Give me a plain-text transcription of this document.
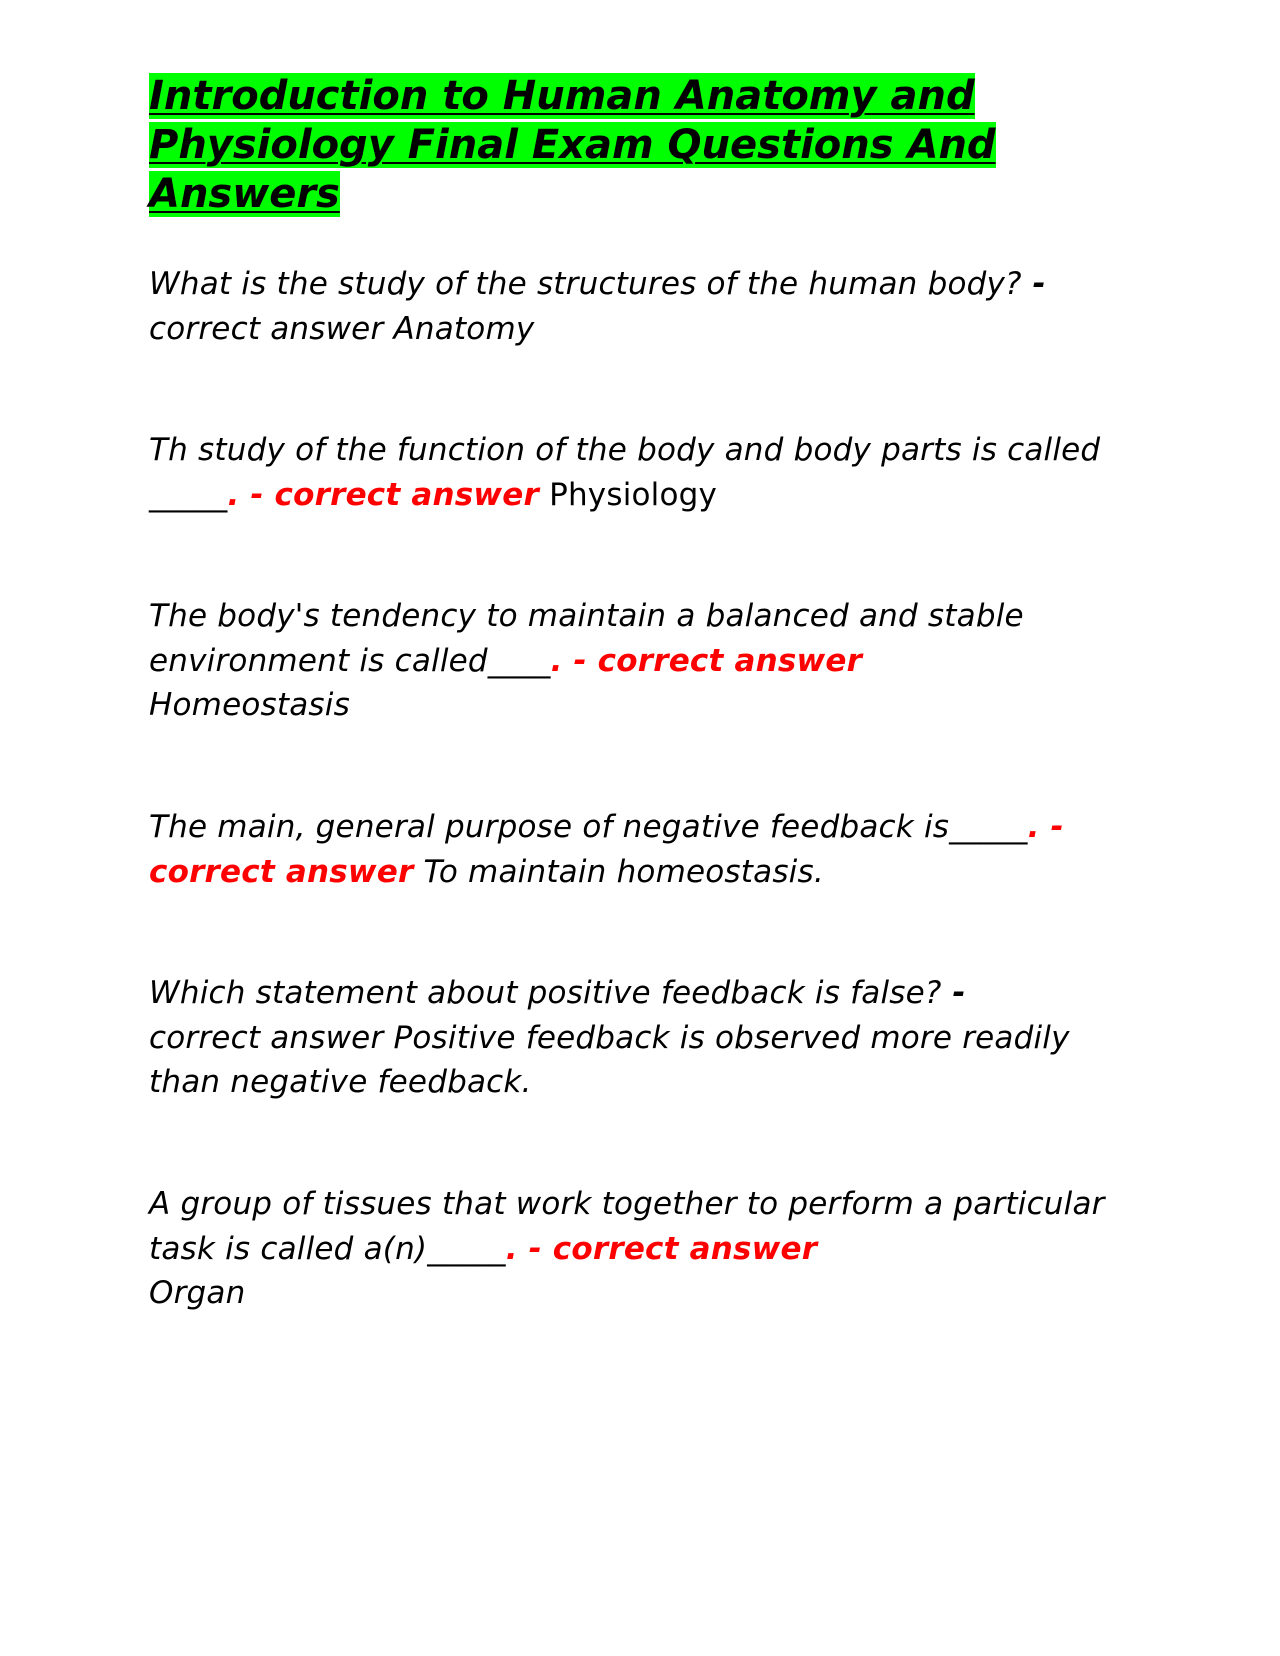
Introduction to Human Anatomy and
Physiology Final Exam Questions And
Answers

What is the study of the structures of the human body? -
correct answer Anatomy

Th study of the function of the body and body parts is called _____. - correct answer Physiology

The body's tendency to maintain a balanced and stable environment is called____. - correct answer
Homeostasis

The main, general purpose of negative feedback is_____. -
correct answer To maintain homeostasis.

Which statement about positive feedback is false? -
correct answer Positive feedback is observed more readily than negative feedback.

A group of tissues that work together to perform a particular task is called a(n)_____. - correct answer
Organ
